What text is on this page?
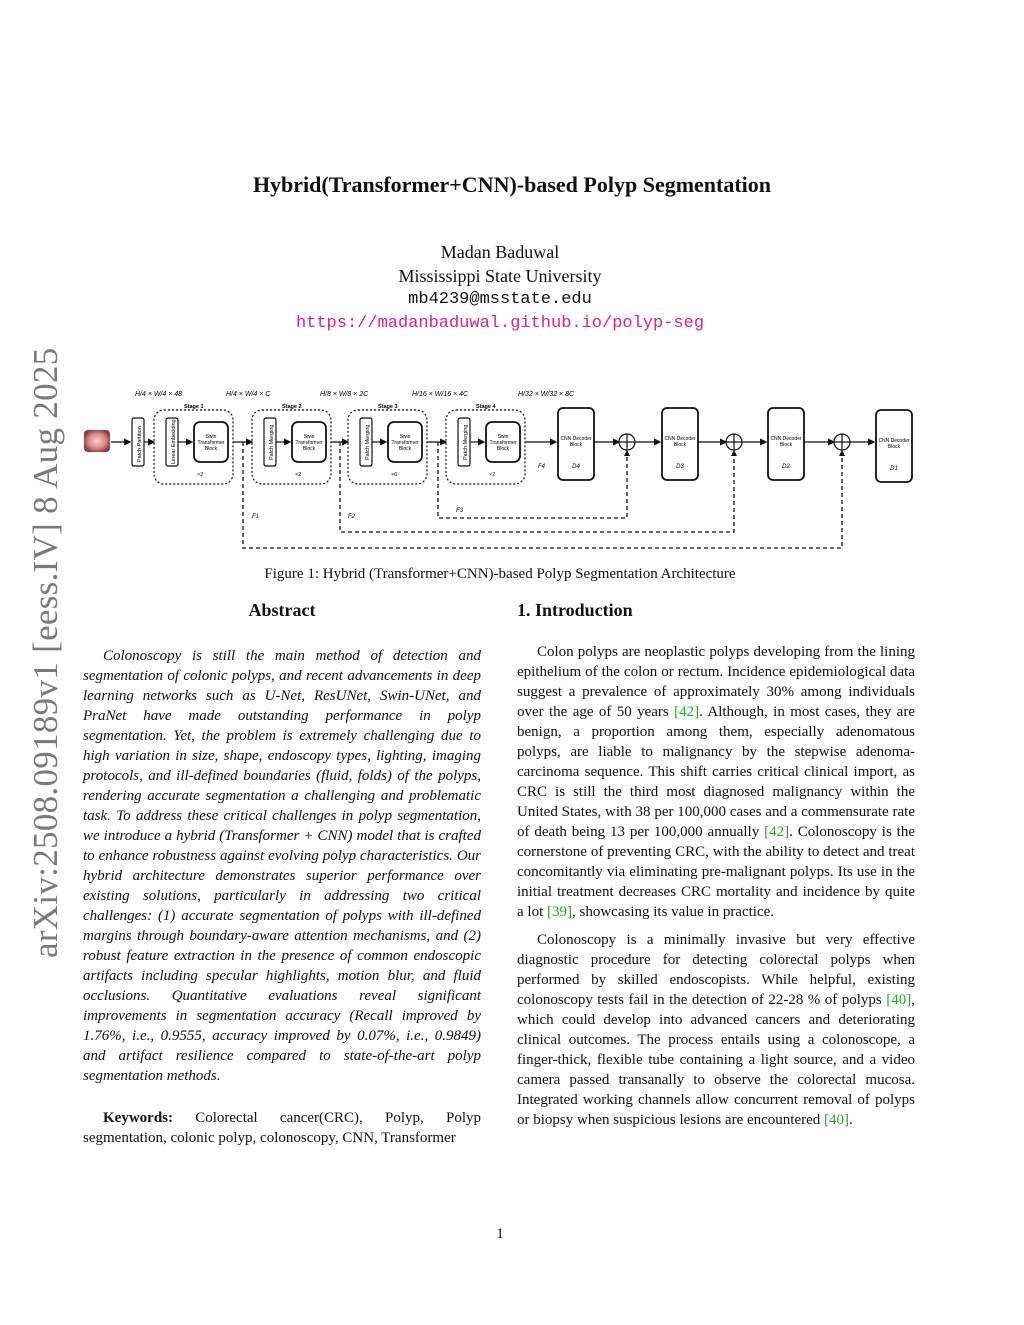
arXiv:2508.09189v1 [eess.IV] 8 Aug 2025
Hybrid(Transformer+CNN)-based Polyp Segmentation
Madan Baduwal
Mississippi State University
mb4239@msstate.edu
https://madanbaduwal.github.io/polyp-seg
H/4 × W/4 × 48	H/4 × W/4 × C	H/8 × W/8 × 2C	H/16 × W/16 × 4C	H/32 × W/32 × 8C
Patch Partition
Stage 1
Linear Embedding	Swin
Transformer
Block
×2
Stage 2
Patch Merging	Swin
Transformer
Block
×2
Stage 3
Patch Merging	Swin
Transformer
Block
×6
Stage 4
Patch Merging	Swin
Transformer
Block
×2
F4
CNN Decoder
Block
D4
CNN Decoder
Block
D3
CNN Decoder
Block
D2
CNN Decoder
Block
D1
F3
F2
F1
Figure 1: Hybrid (Transformer+CNN)-based Polyp Segmentation Architecture
Abstract

Colonoscopy is still the main method of detection and segmentation of colonic polyps, and recent advancements in deep learning networks such as U-Net, ResUNet, Swin-UNet, and PraNet have made outstanding performance in polyp segmentation. Yet, the problem is extremely challenging due to high variation in size, shape, endoscopy types, lighting, imaging protocols, and ill-defined boundaries (fluid, folds) of the polyps, rendering accurate segmentation a challenging and problematic task. To address these critical challenges in polyp segmentation, we introduce a hybrid (Transformer + CNN) model that is crafted to enhance robustness against evolving polyp characteristics. Our hybrid architecture demonstrates superior performance over existing solutions, particularly in addressing two critical challenges: (1) accurate segmentation of polyps with ill-defined margins through boundary-aware attention mechanisms, and (2) robust feature extraction in the presence of common endoscopic artifacts including specular highlights, motion blur, and fluid occlusions. Quantitative evaluations reveal significant improvements in segmentation accuracy (Recall improved by 1.76%, i.e., 0.9555, accuracy improved by 0.07%, i.e., 0.9849) and artifact resilience compared to state-of-the-art polyp segmentation methods.

Keywords: Colorectal cancer(CRC), Polyp, Polyp segmentation, colonic polyp, colonoscopy, CNN, Transformer

1. Introduction

Colon polyps are neoplastic polyps developing from the lining epithelium of the colon or rectum. Incidence epidemiological data suggest a prevalence of approximately 30% among individuals over the age of 50 years [42]. Although, in most cases, they are benign, a proportion among them, especially adenomatous polyps, are liable to malignancy by the stepwise adenoma-carcinoma sequence. This shift carries critical clinical import, as CRC is still the third most diagnosed malignancy within the United States, with 38 per 100,000 cases and a commensurate rate of death being 13 per 100,000 annually [42]. Colonoscopy is the cornerstone of preventing CRC, with the ability to detect and treat concomitantly via eliminating pre-malignant polyps. Its use in the initial treatment decreases CRC mortality and incidence by quite a lot [39], showcasing its value in practice.

Colonoscopy is a minimally invasive but very effective diagnostic procedure for detecting colorectal polyps when performed by skilled endoscopists. While helpful, existing colonoscopy tests fail in the detection of 22-28 % of polyps [40], which could develop into advanced cancers and deteriorating clinical outcomes. The process entails using a colonoscope, a finger-thick, flexible tube containing a light source, and a video camera passed transanally to observe the colorectal mucosa. Integrated working channels allow concurrent removal of polyps or biopsy when suspicious lesions are encountered [40].

1
